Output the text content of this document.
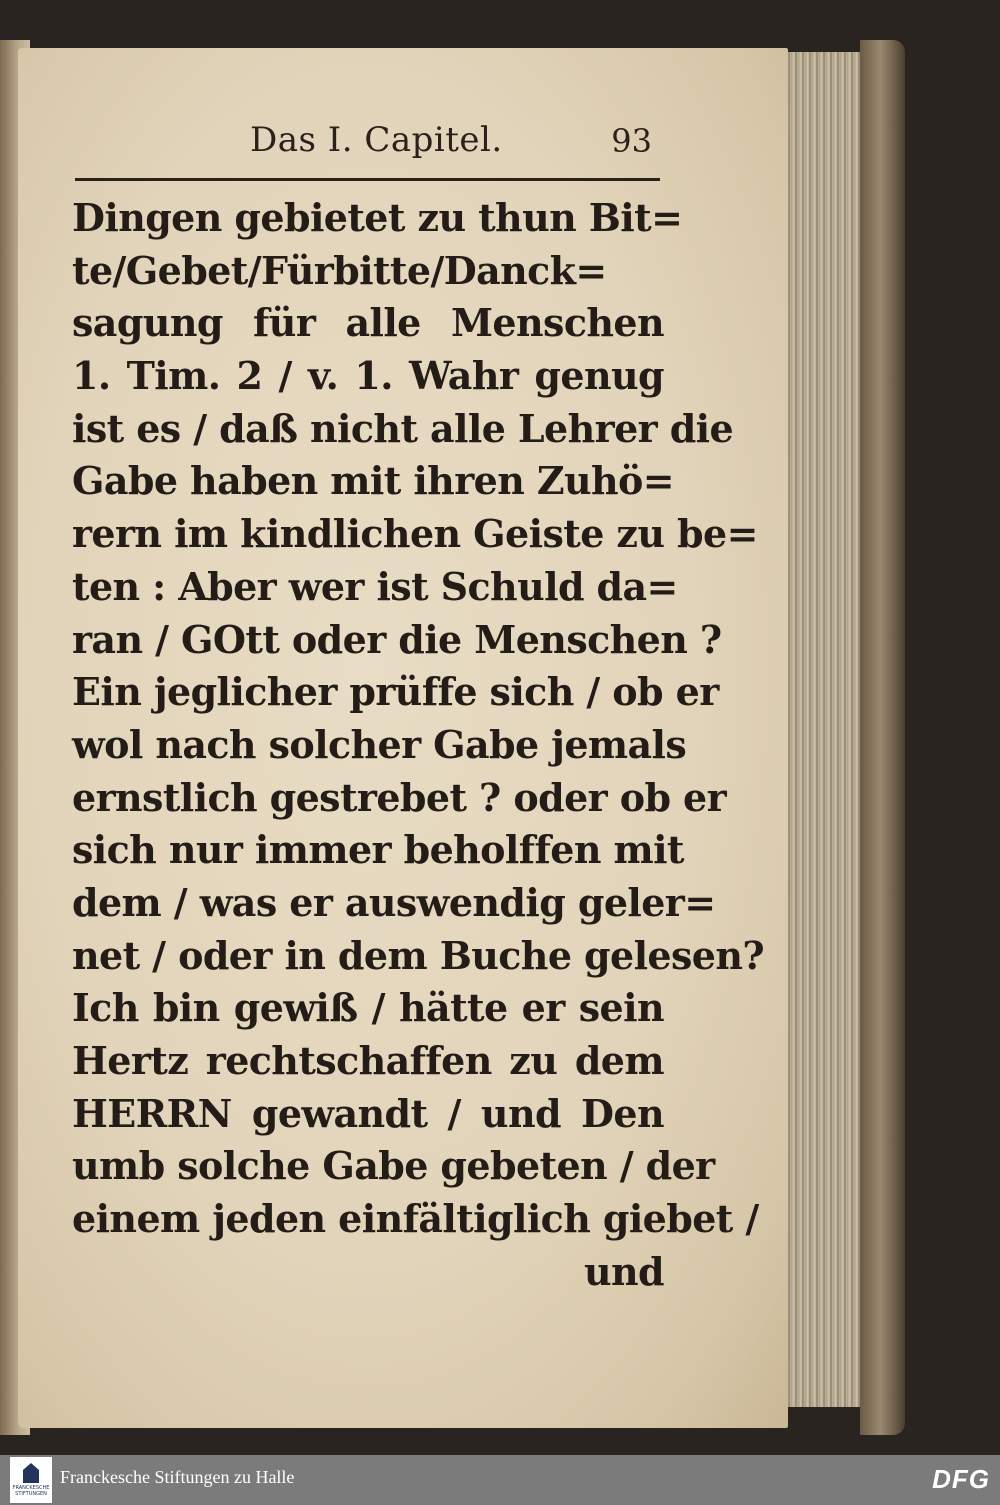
Das I. Capitel.	93
Dingen gebietet zu thun Bit=
te/Gebet/Fürbitte/Danck=
sagung für alle Menschen
1. Tim. 2 / v. 1. Wahr genug
ist es / daß nicht alle Lehrer die
Gabe haben mit ihren Zuhö=
rern im kindlichen Geiste zu be=
ten : Aber wer ist Schuld da=
ran / GOtt oder die Menschen ?
Ein jeglicher prüffe sich / ob er
wol nach solcher Gabe jemals
ernstlich gestrebet ? oder ob er
sich nur immer beholffen mit
dem / was er auswendig geler=
net / oder in dem Buche gelesen?
Ich bin gewiß / hätte er sein
Hertz rechtschaffen zu dem
HERRN gewandt / und Den
umb solche Gabe gebeten / der
einem jeden einfältiglich giebet /
und
FRANCKESCHE STIFTUNGEN
Franckesche Stiftungen zu Halle	DFG
